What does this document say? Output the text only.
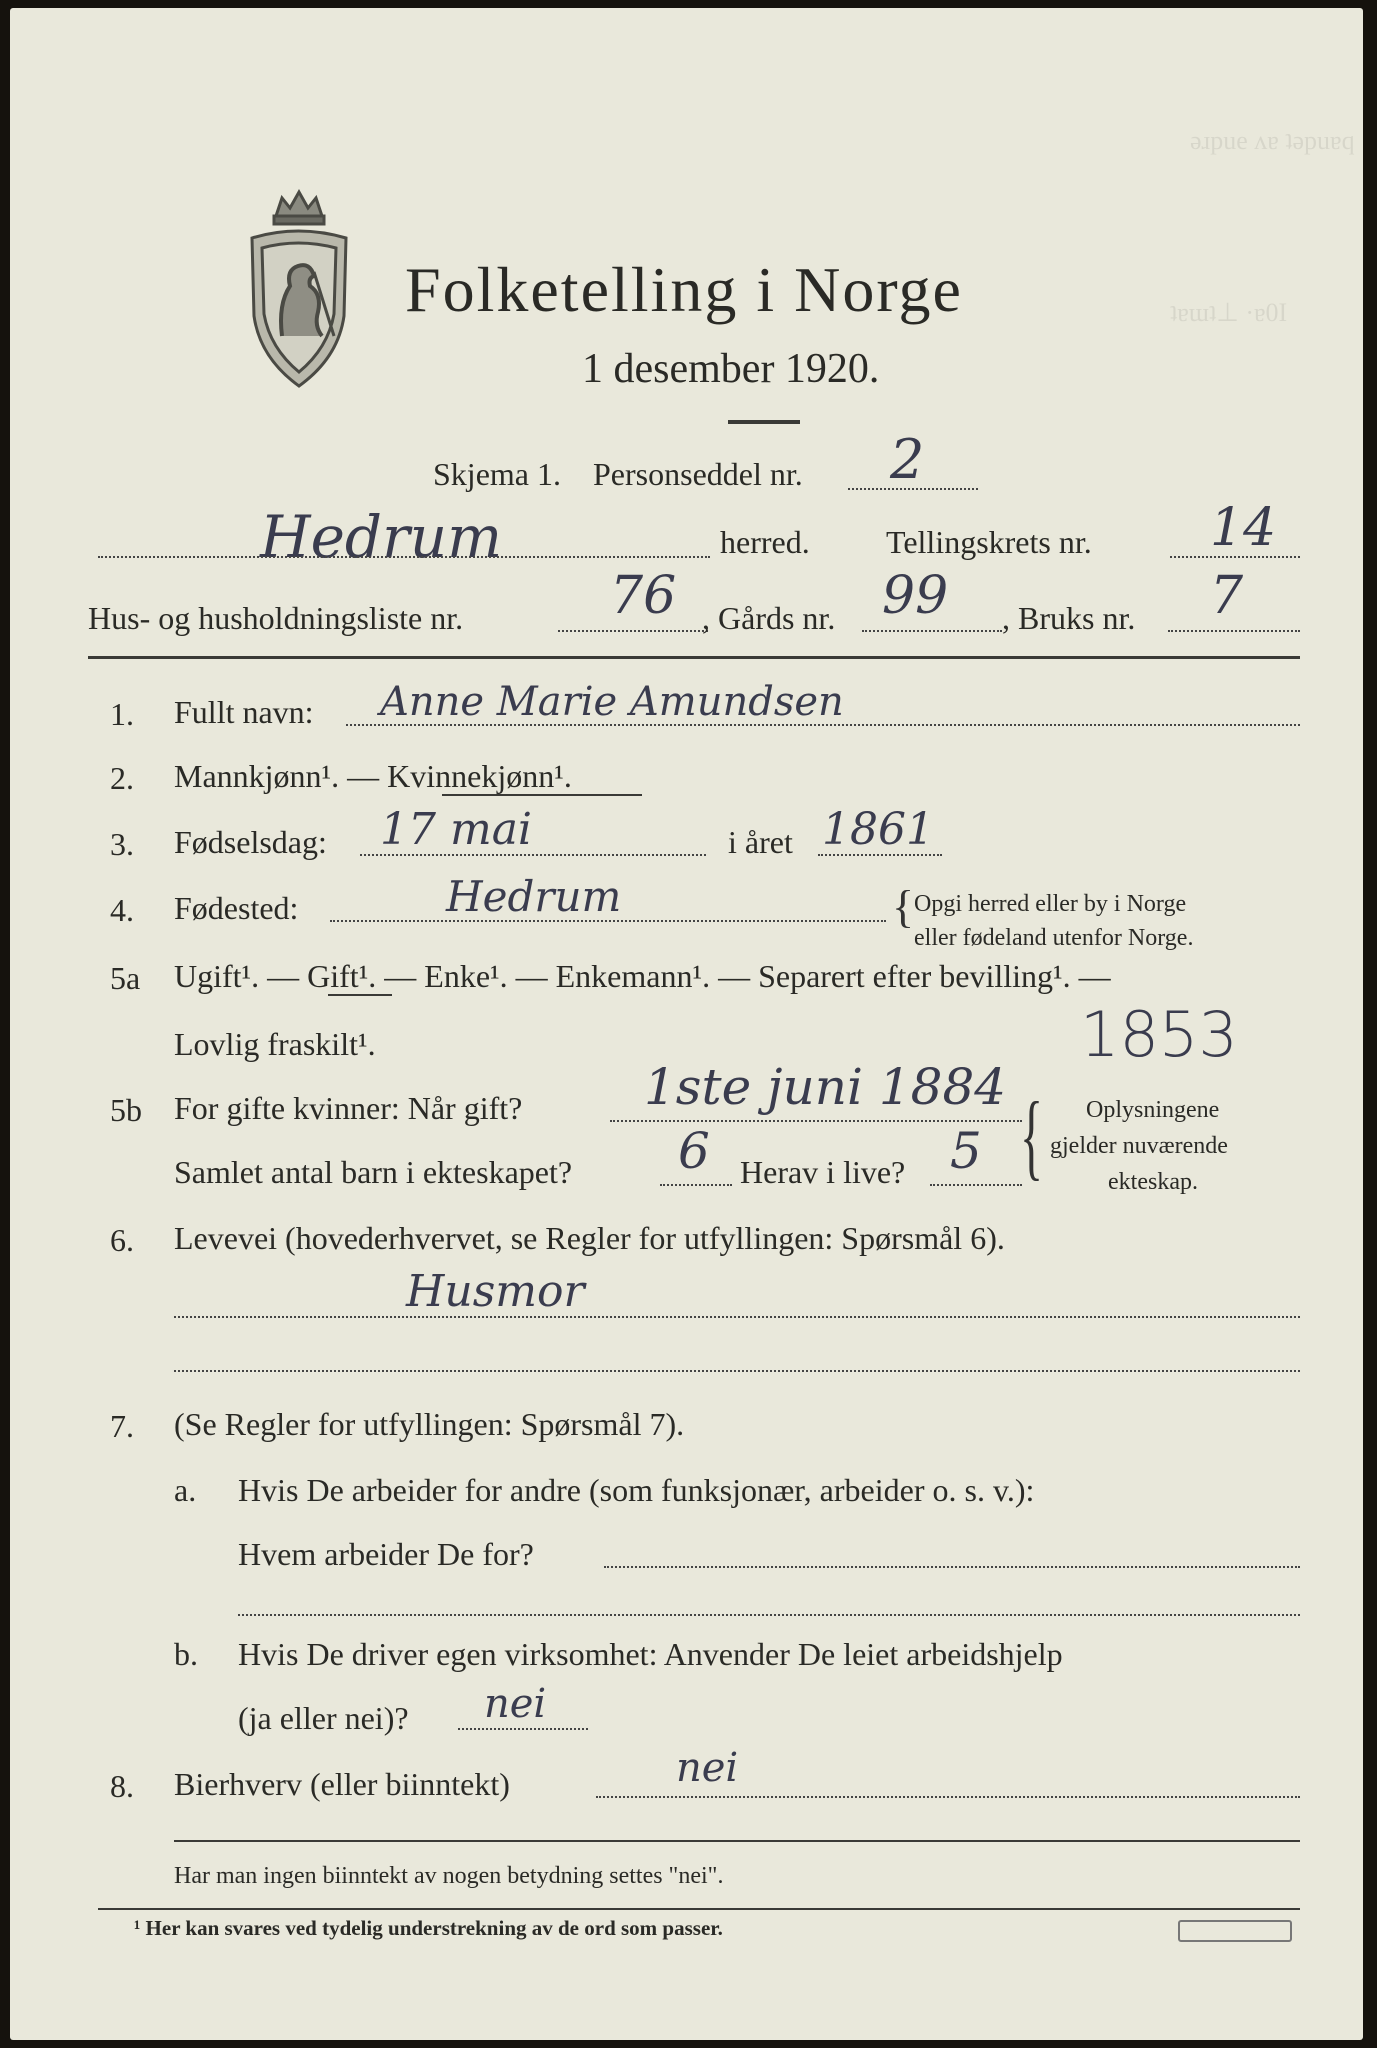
ǝɹpue ʌɐ ʇǝpuɐq
ʇɐɯʇ⊥ ·ɐ0I
Folketelling i Norge
1 desember 1920.
Skjema 1. Personseddel nr. 2
Hedrum	herred. Tellingskrets nr. 14
Hus- og husholdningsliste nr.	76 , Gårds nr. 99 , Bruks nr. 7
1. Fullt navn: Anne Marie Amundsen
2. Mannkjønn¹. — Kvinnekjønn¹.
3. Fødselsdag: 17 mai	i året 1861
4. Fødested:	Hedrum	{ Opgi herred eller by i Norge
eller fødeland utenfor Norge.
5a Ugift¹. — Gift¹. — Enke¹. — Enkemann¹. — Separert efter bevilling¹. —
Lovlig fraskilt¹.	1853
5b For gifte kvinner: Når gift? 1ste juni 1884
Samlet antal barn i ekteskapet? 6 Herav i live? 5 { Oplysningene
gjelder nuværende
ekteskap.
6. Levevei (hovederhvervet, se Regler for utfyllingen: Spørsmål 6).
Husmor
7. (Se Regler for utfyllingen: Spørsmål 7).
a. Hvis De arbeider for andre (som funksjonær, arbeider o. s. v.):
Hvem arbeider De for?
b. Hvis De driver egen virksomhet: Anvender De leiet arbeidshjelp
(ja eller nei)? nei
8. Bierhverv (eller biinntekt)	nei
Har man ingen biinntekt av nogen betydning settes "nei".
¹ Her kan svares ved tydelig understrekning av de ord som passer.
